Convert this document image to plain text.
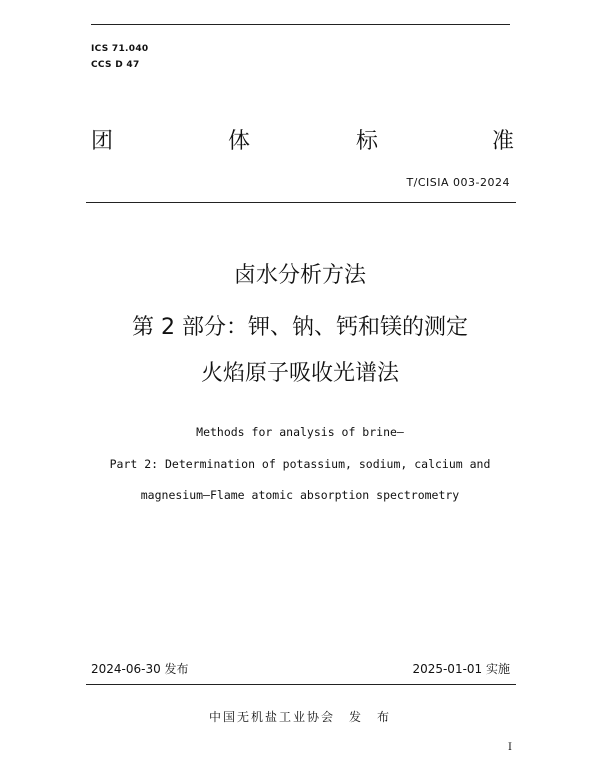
ICS 71.040
CCS D 47
团	体	标	准
T/CISIA 003-2024
卤水分析方法
第 2 部分：钾、钠、钙和镁的测定
火焰原子吸收光谱法
Methods for analysis of brine—
Part 2: Determination of potassium, sodium, calcium and
magnesium—Flame atomic absorption spectrometry
2024-06-30 发布	2025-01-01 实施
中国无机盐工业协会　发　布
I
